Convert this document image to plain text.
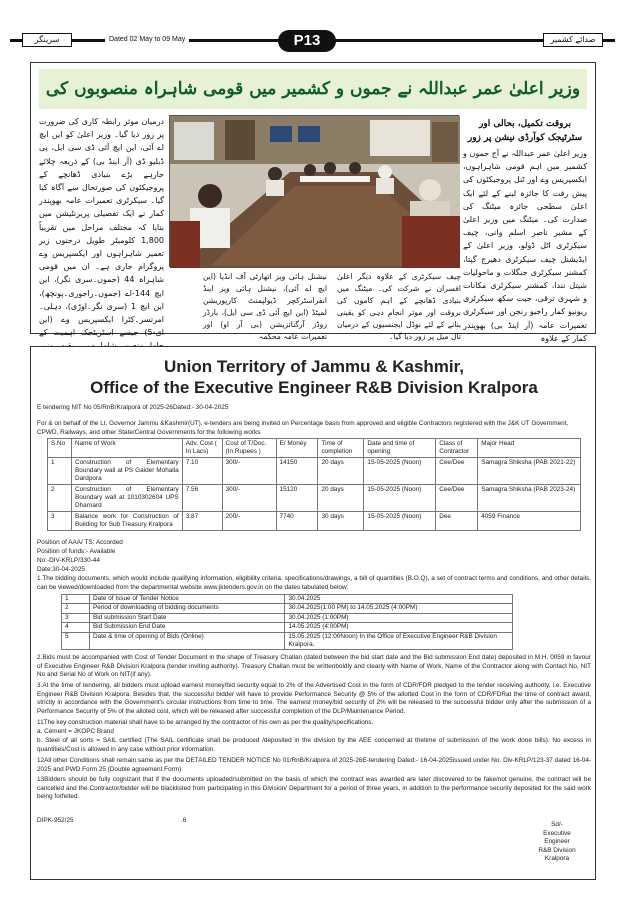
سرینگر	Dated 02 May to 09 May	P13	صدائے کشمیر
وزیر اعلیٰ عمر عبداللہ نے جموں و کشمیر میں قومی شاہراہ منصوبوں کی
درمیان موثر رابطہ کاری کی ضرورت پر زور دیا گیا۔ وزیر اعلیٰ کو این ایچ اے آئی، این ایچ آئی ڈی سی ایل، پی ڈبلیو ڈی (آر اینڈ بی) کے ذریعہ چلائے جارہے بڑے بنیادی ڈھانچے کے پروجیکٹوں کی صورتحال سے آگاہ کیا گیا۔ سیکرٹری تعمیرات عامہ بھوپندر کمار نے ایک تفصیلی پریزنٹیشن میں بتایا کہ مختلف مراحل میں تقریباً 1,800 کلومیٹر طویل درجنوں زیر تعمیر شاہراہوں اور ایکسپریس وے پروگرام جاری ہے۔ ان میں قومی شاہراہ 44 (جموں۔سری نگر)، این ایچ 144-اے (جموں۔راجوری۔پونچھ)، این ایچ 1 (سری نگر۔اوڑی)، دہلی۔امرتسر۔کٹرا ایکسپریس وے (این ای-5) جیسے اسٹریٹجک اہمیت کے
بروقت تکمیل، بحالی اور سٹرٹیجک کوآرڈی نیشن پر زور
وزیر اعلیٰ عمر عبداللہ نے آج جموں و کشمیر میں اہم قومی شاہراہوں، ایکسپریس وے اور ٹنل پروجیکٹوں کی پیش رفت کا جائزہ لینے کے لئے ایک اعلیٰ سطحی جائزہ میٹنگ کی صدارت کی۔ میٹنگ میں وزیر اعلیٰ کے مشیر ناصر اسلم وانی، چیف سیکرٹری اٹل ڈولو، وزیر اعلیٰ کے ایڈیشنل چیف سیکرٹری دھیرج گپتا، کمشنر سیکرٹری جنگلات و ماحولیات شیتل نندا، کمشنر سیکرٹری مکانات و شہری ترقی، جیت سکھ سیکرٹری ریونیو کمار راجیو رنجن اور سیکرٹری تعمیرات عامہ (آر اینڈ بی) بھوپندر کمار کے علاوہ
چیف سیکرٹری کے علاوہ دیگر اعلیٰ افسران نے شرکت کی۔ میٹنگ میں بنیادی ڈھانچے کے اہم کاموں کی بروقت اور موثر انجام دہی کو یقینی بنانے کے لئے نوڈل ایجنسیوں کے درمیان تال میل پر زور دیا گیا۔
نیشنل ہائی ویز اتھارٹی آف انڈیا (این ایچ اے آئی)، نیشنل ہائی ویز اینڈ انفراسٹرکچر ڈیولپمنٹ کارپوریشن لمیٹڈ (این ایچ آئی ڈی سی ایل)، بارڈر روڈز آرگنائزیشن (بی آر او) اور تعمیرات عامہ محکمہ
Union Territory of Jammu & Kashmir,
Office of the Executive Engineer R&B Division Kralpora
E tendering NIT No 05/RnB/Kralpora of 2025-26Dated:- 30-04-2025
For & on behalf of the Lt. Governor Jammu &Kashmir(UT), e-tenders are being invited on Percentage basis from approved and eligible Contractors registered with the J&K UT Government, CPWD, Railways, and other State/Central Governments for the following works
S.No	Name of Work	Adv. Cost ( In Lacs)	Cost of T/Doc. (In Rupees )	E/ Money	Time of completion	Date and time of opening	Class of Contractor	Major Head
1	Construction of Elementary Boundary wall at PS Gaider Mohalla Dardpora	7.10	300/-	14150	20 days	15-05-2025 (Noon)	Cee/Dee	Samagra Shiksha (PAB 2021-22)
2	Construction of Elementary Boundary wall at 1010302604 UPS Dharnard	7.56	300/-	15120	20 days	15-05-2025 (Noon)	Cee/Dee	Samagra Shiksha (PAB 2023-24)
3	Balance work for Construction of Building for Sub Treasury Kralpora	3.87	200/-	7740	30 days	15-05-2025 (Noon)	Dee	4059 Finance
Position of AAA/ TS: Accorded
Position of funds:- Available
No:-DIV-KRLP/330-44
Date:30-04-2025
1.The bidding documents, which would include qualifying information, eligibility criteria, specifications/drawings, a bill of quantities (B.O.Q), a set of contract terms and conditions, and other details, can be viewed/downloaded from the departmental website www.jktenders.gov.in on the dates tabulated below:
1	Date of Issue of Tender Notice	30.04.2025
2	Period of downloading of bidding documents	30.04.2025(1:00 PM) to 14.05.2025 (4:00PM)
3	Bid submission Start Date	30.04.2025 (1:00PM)
4	Bid Submission End Date	14.05.2025 (4:00PM)
5	Date & time of opening of Bids (Online)	15.05.2025 (12:00Noon) In the Office of Executive Engineer R&B Division Kralpora.
2.Bids must be accompanied with Cost of Tender Document in the shape of Treasury Challan (dated between the bid start date and the Bid submission End date) deposited in M.H. 0059 in favour of Executive Engineer R&B Division Kralpora (tender inviting authority). Treasury Challan must be writtenboldly and clearly with Name of Work, Name of the Contractor along with Contact No, NIT No and Serial No of Work on NIT(if any).
3.At the time of tendering, all bidders must upload earnest money/bid security equal to 2% of the Advertised Cost in the form of CDR/FDR pledged to the tender receiving authority, i.e. Executive Engineer R&B Division Kralpora. Besides that, the successful bidder will have to provide Performance Security @ 5% of the allotted Cost in the form of CDR/FDRat the time of contract award, strictly in accordance with the Government's circular instructions from time to time. The earnest money/bid security of 2% will be released to the successful bidder only after the submission of a Performance Security of 5% of the alloted cost, which will be released after successful completion of the DLP/Maintenance Period.
11The key construction material shall have to be arranged by the contractor of his own as per the quality/specifications.
a. Cement = JKOPC Brand
b. Steel of all sorts = SAIL certified (The SAIL certificate shall be produced /deposited in the division by the AEE concerned at thetime of submission of the work done bills). No excess in quantities/Cost is allowed in any case without prior information.
12All other Conditions shall remain same as per the DETAILED TENDER NOTICE No 01/RnB/Kralpora of 2025-26E-tendering Dated:- 16-04-2025issued under No. Div-KRLP/123-37 dated 16-04-2025 and PWD Form 25 (Double agreement Form)
13Bidders should be fully cognizant that if the documents uploaded/submitted on the basis of which the contract was awarded are later discovered to be fake/not genuine, the contract will be cancelled and the Contractor/bidder will be blacklisted from participating in this Division/ Department for a period of three years, in addition to the performance security deposited for the said work being forfeited.
DIPK-952/25	.6
Sd/-
Executive
Engineer
R&B Division
Kralpora
